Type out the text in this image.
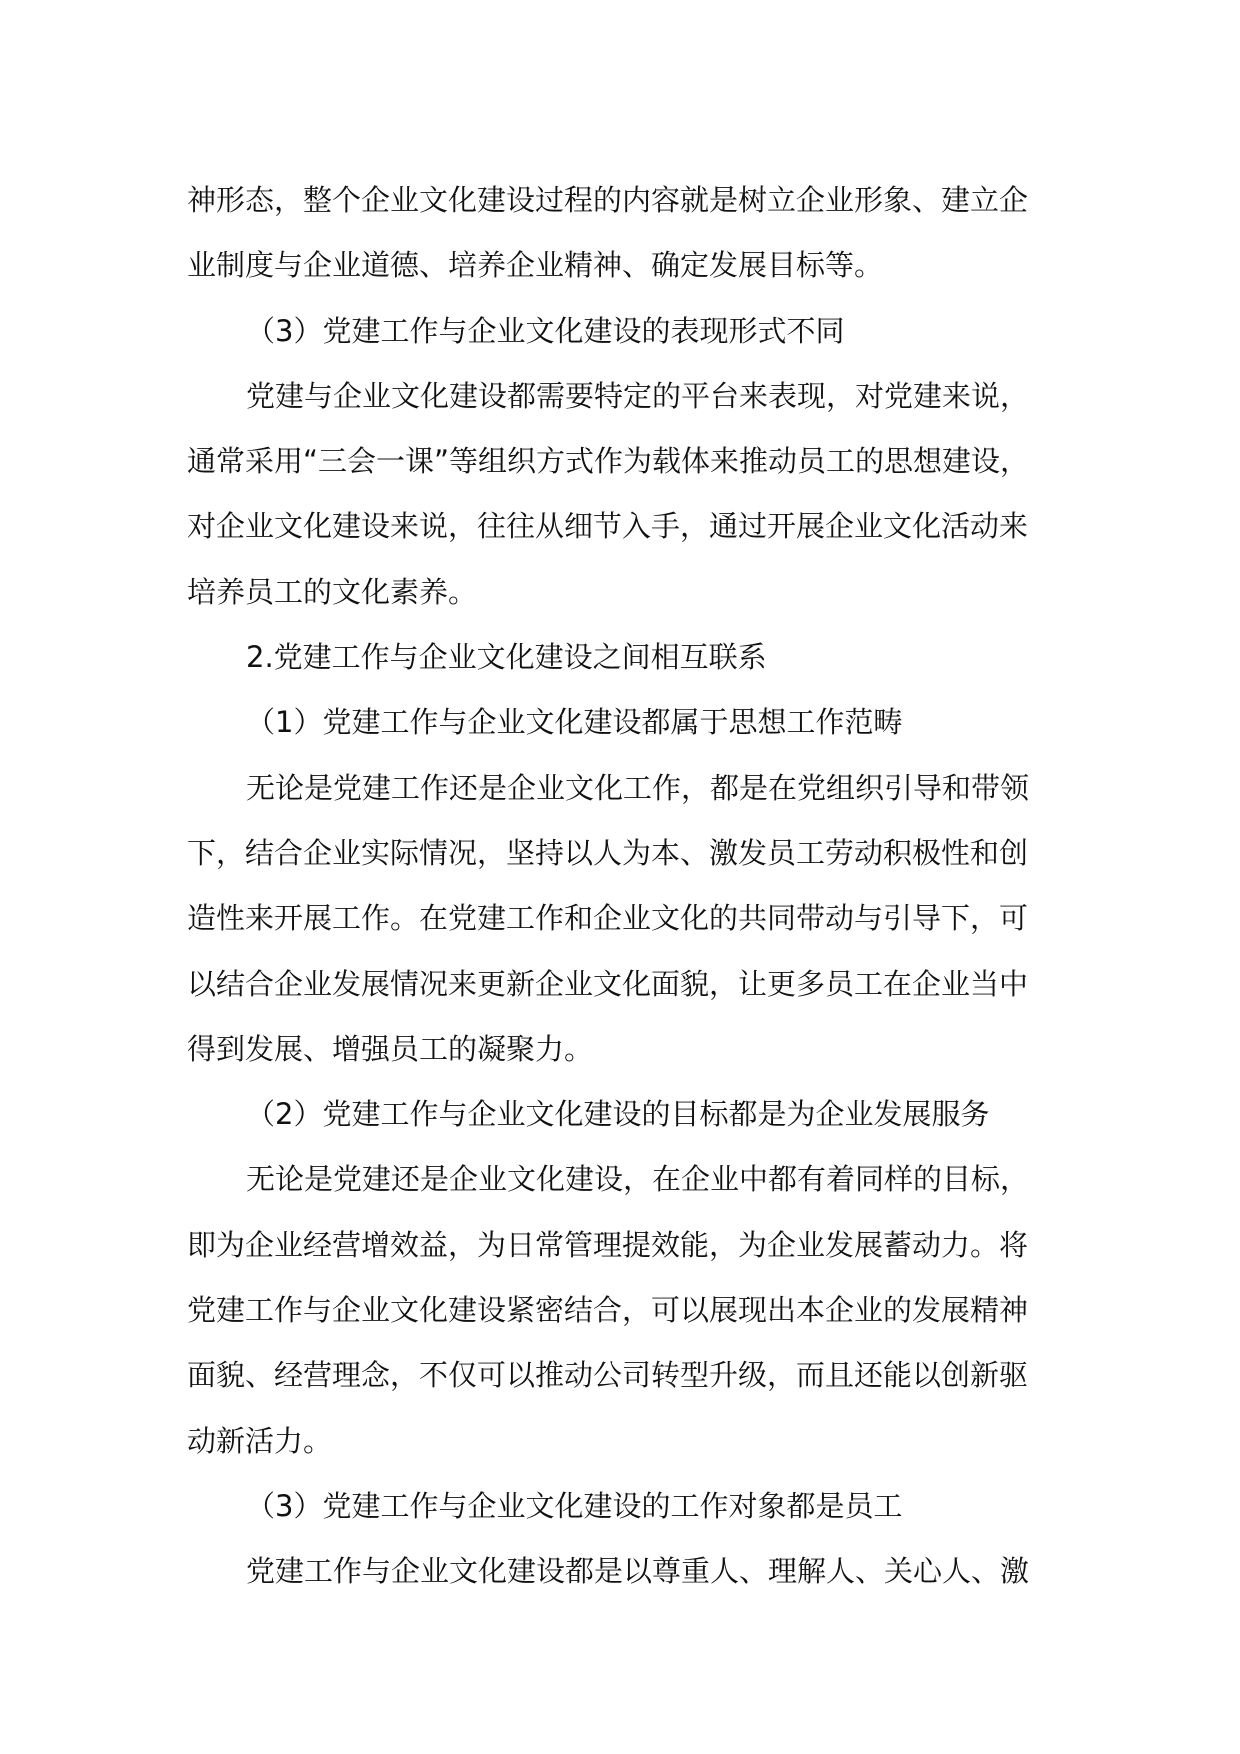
神形态，整个企业文化建设过程的内容就是树立企业形象、建立企
业制度与企业道德、培养企业精神、确定发展目标等。
（3）党建工作与企业文化建设的表现形式不同
党建与企业文化建设都需要特定的平台来表现，对党建来说，
通常采用“三会一课”等组织方式作为载体来推动员工的思想建设，
对企业文化建设来说，往往从细节入手，通过开展企业文化活动来
培养员工的文化素养。
2.党建工作与企业文化建设之间相互联系
（1）党建工作与企业文化建设都属于思想工作范畴
无论是党建工作还是企业文化工作，都是在党组织引导和带领
下，结合企业实际情况，坚持以人为本、激发员工劳动积极性和创
造性来开展工作。在党建工作和企业文化的共同带动与引导下，可
以结合企业发展情况来更新企业文化面貌，让更多员工在企业当中
得到发展、增强员工的凝聚力。
（2）党建工作与企业文化建设的目标都是为企业发展服务
无论是党建还是企业文化建设，在企业中都有着同样的目标，
即为企业经营增效益，为日常管理提效能，为企业发展蓄动力。将
党建工作与企业文化建设紧密结合，可以展现出本企业的发展精神
面貌、经营理念，不仅可以推动公司转型升级，而且还能以创新驱
动新活力。
（3）党建工作与企业文化建设的工作对象都是员工
党建工作与企业文化建设都是以尊重人、理解人、关心人、激
